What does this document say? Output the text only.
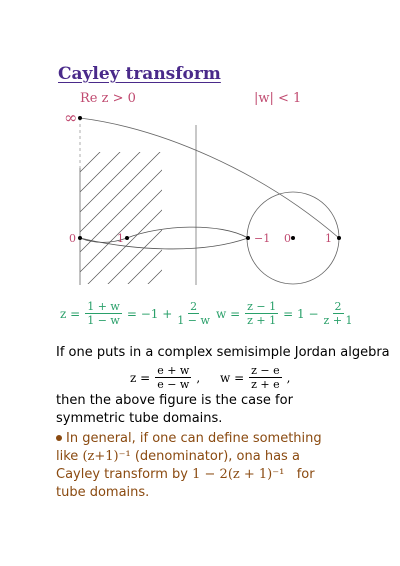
Cayley transform
Re z > 0	|w| < 1
∞
0	1	−1 0	1
$z = \frac{1 + w}{1 - w} = -1 + \frac{2}{1 - w}$ $w = \frac{z - 1}{z + 1} = 1 - \frac{2}{z + 1}$
If one puts in a complex semisimple Jordan algebra
$z = \frac{e + w}{e - w}$ , $w = \frac{z - e}{z + e}$ ,
then the above figure is the case for symmetric tube domains.
In general, if one can define something like (z+1)⁻¹ (denominator), ona has a Cayley transform by 1 − 2(z + 1)⁻¹ for tube domains.
